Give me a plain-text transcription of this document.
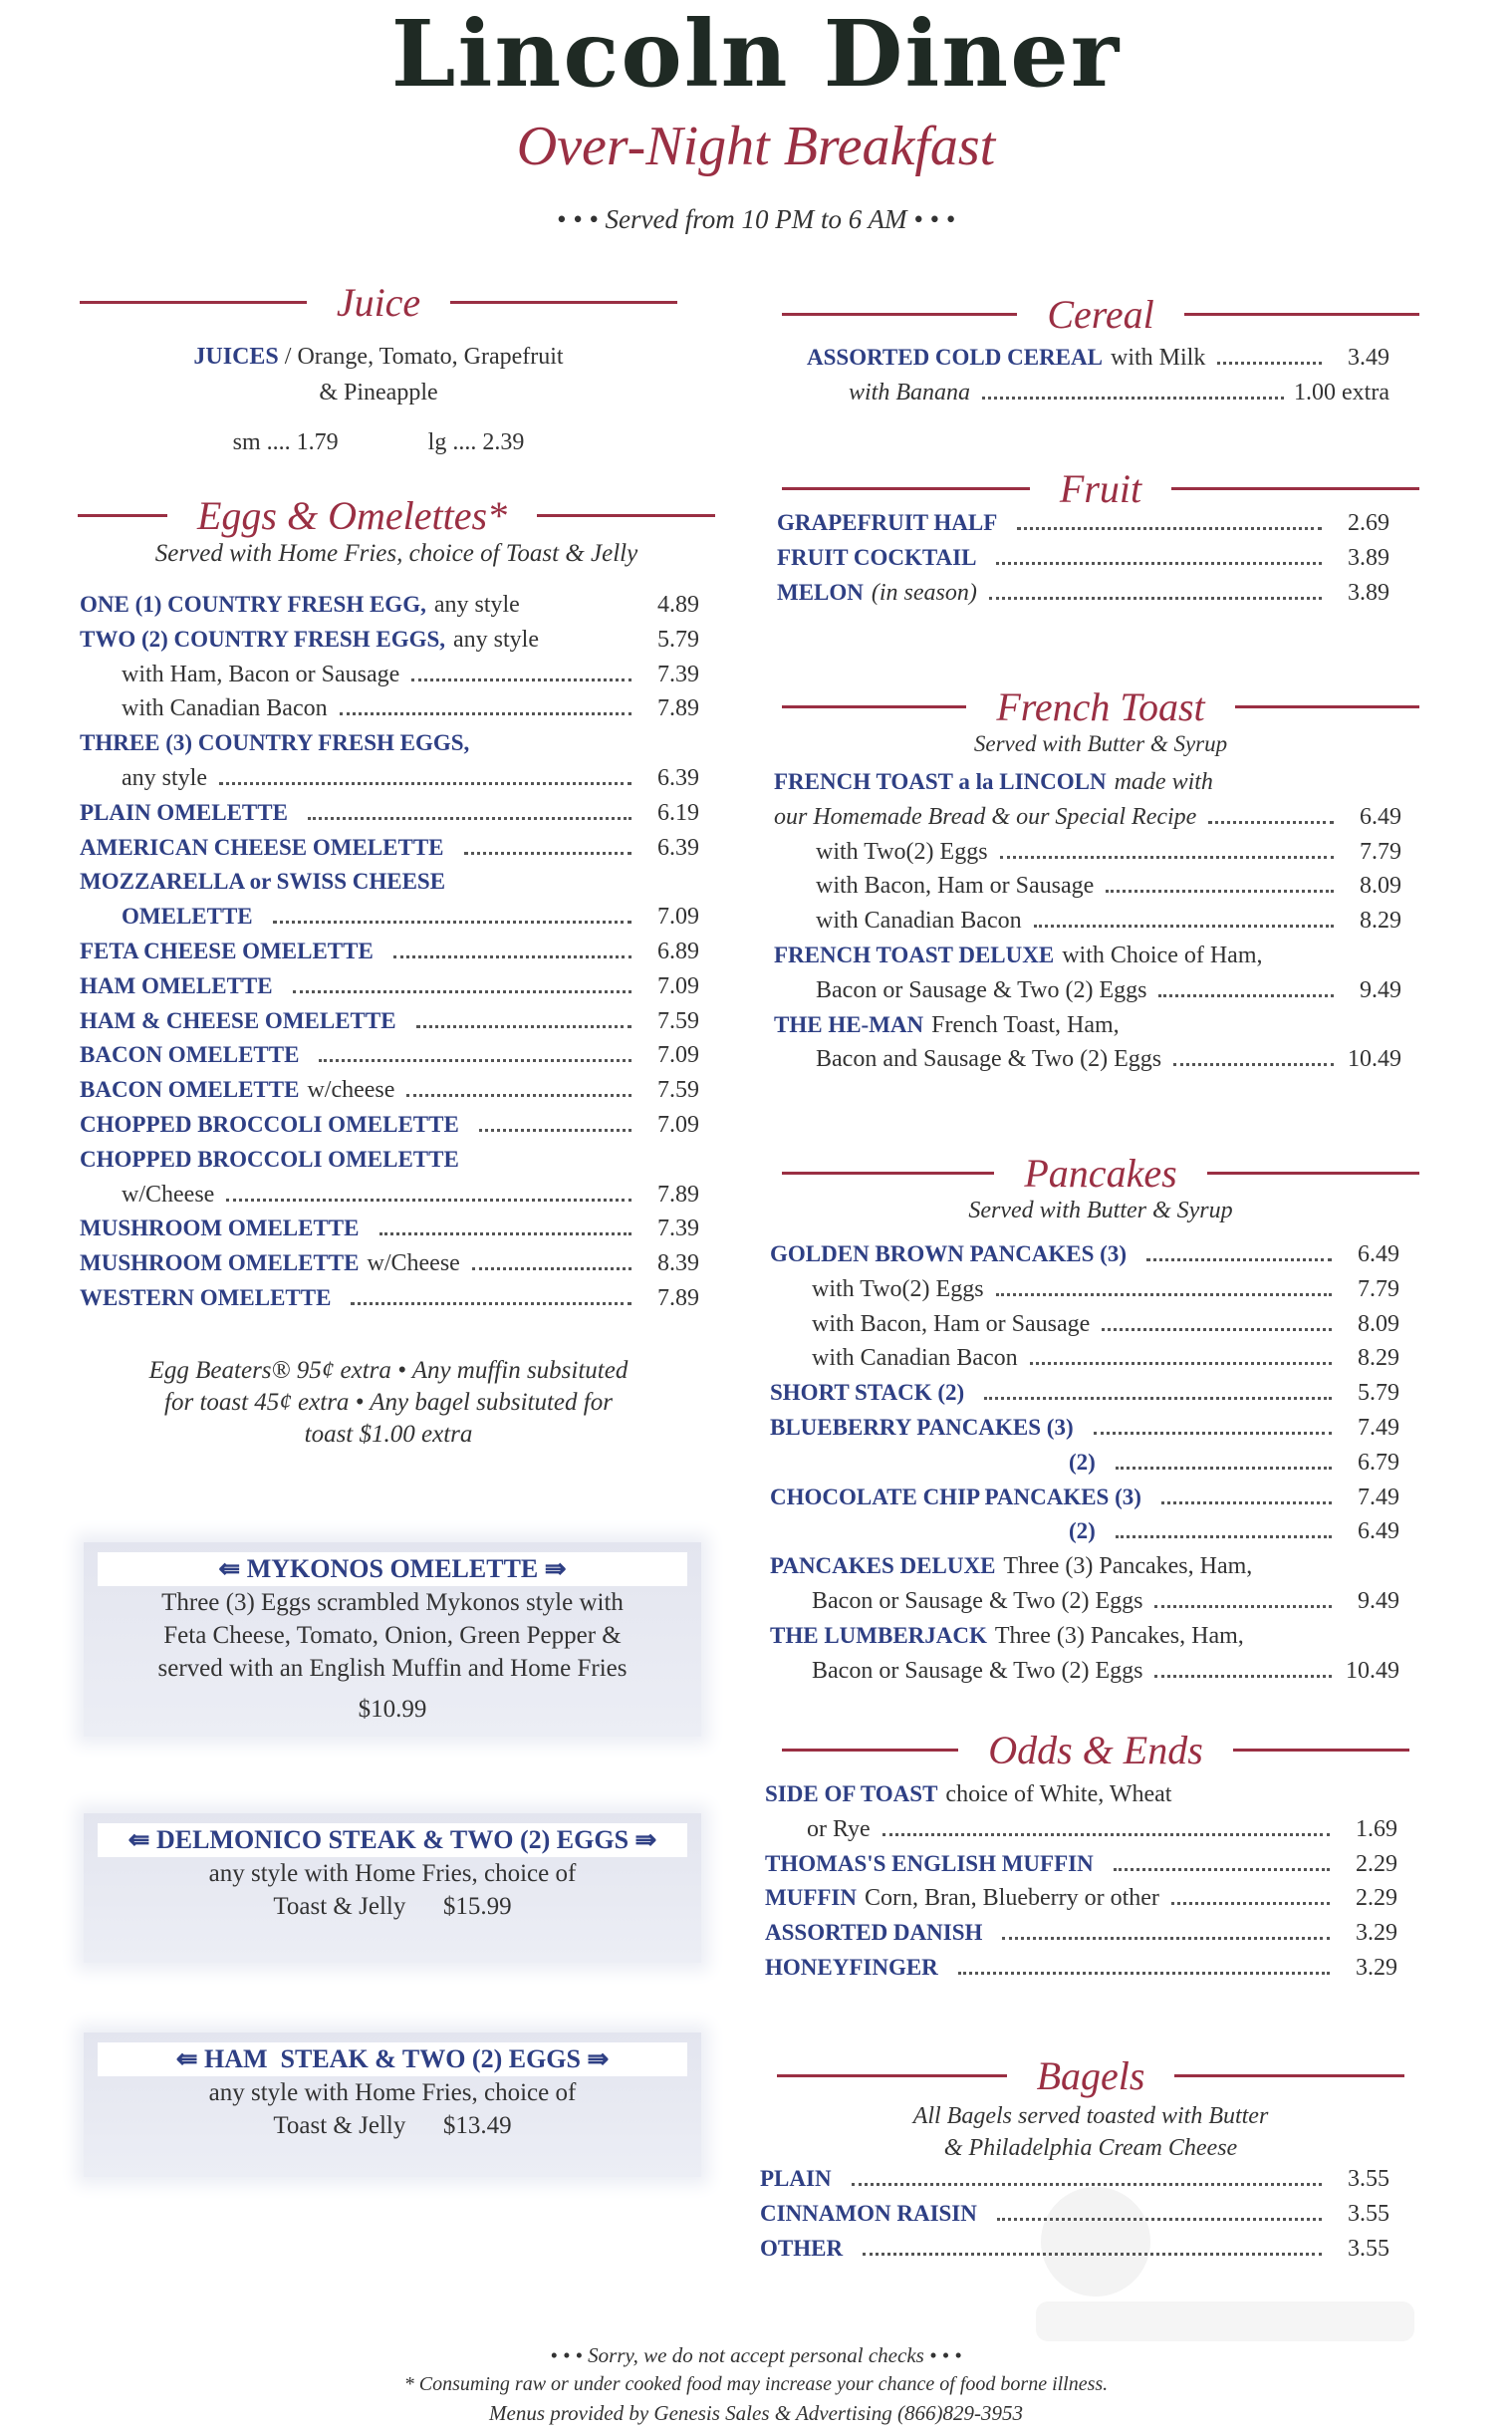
Lincoln Diner
Over-Night Breakfast
• • • Served from 10 PM to 6 AM • • •
Juice
JUICES / Orange, Tomato, Grapefruit
& Pineapple
sm .... 1.79	lg .... 2.39
Eggs & Omelettes*
Served with Home Fries, choice of Toast & Jelly
ONE (1) COUNTRY FRESH EGG, any style	4.89
TWO (2) COUNTRY FRESH EGGS, any style	5.79
with Ham, Bacon or Sausage	7.39
with Canadian Bacon	7.89
THREE (3) COUNTRY FRESH EGGS,
any style	6.39
PLAIN OMELETTE	6.19
AMERICAN CHEESE OMELETTE	6.39
MOZZARELLA or SWISS CHEESE
OMELETTE	7.09
FETA CHEESE OMELETTE	6.89
HAM OMELETTE	7.09
HAM & CHEESE OMELETTE	7.59
BACON OMELETTE	7.09
BACON OMELETTE w/cheese	7.59
CHOPPED BROCCOLI OMELETTE	7.09
CHOPPED BROCCOLI OMELETTE
w/Cheese	7.89
MUSHROOM OMELETTE	7.39
MUSHROOM OMELETTE w/Cheese	8.39
WESTERN OMELETTE	7.89
Egg Beaters® 95¢ extra • Any muffin subsituted
for toast 45¢ extra • Any bagel subsituted for
toast $1.00 extra
⇚ MYKONOS OMELETTE ⇛
Three (3) Eggs scrambled Mykonos style with
Feta Cheese, Tomato, Onion, Green Pepper &
served with an English Muffin and Home Fries
$10.99
⇚ DELMONICO STEAK & TWO (2) EGGS ⇛
any style with Home Fries, choice of
Toast & Jelly      $15.99
⇚ HAM  STEAK & TWO (2) EGGS ⇛
any style with Home Fries, choice of
Toast & Jelly      $13.49
Cereal
ASSORTED COLD CEREAL with Milk	3.49
with Banana	1.00 extra
Fruit
GRAPEFRUIT HALF	2.69
FRUIT COCKTAIL	3.89
MELON (in season)	3.89
French Toast
Served with Butter & Syrup
FRENCH TOAST a la LINCOLN made with
our Homemade Bread & our Special Recipe	6.49
with Two(2) Eggs	7.79
with Bacon, Ham or Sausage	8.09
with Canadian Bacon	8.29
FRENCH TOAST DELUXE with Choice of Ham,
Bacon or Sausage & Two (2) Eggs	9.49
THE HE-MAN French Toast, Ham,
Bacon and Sausage & Two (2) Eggs	10.49
Pancakes
Served with Butter & Syrup
GOLDEN BROWN PANCAKES (3)	6.49
with Two(2) Eggs	7.79
with Bacon, Ham or Sausage	8.09
with Canadian Bacon	8.29
SHORT STACK (2)	5.79
BLUEBERRY PANCAKES (3)	7.49
(2)	6.79
CHOCOLATE CHIP PANCAKES (3)	7.49
(2)	6.49
PANCAKES DELUXE Three (3) Pancakes, Ham,
Bacon or Sausage & Two (2) Eggs	9.49
THE LUMBERJACK Three (3) Pancakes, Ham,
Bacon or Sausage & Two (2) Eggs	10.49
Odds & Ends
SIDE OF TOAST choice of White, Wheat
or Rye	1.69
THOMAS'S ENGLISH MUFFIN	2.29
MUFFIN Corn, Bran, Blueberry or other	2.29
ASSORTED DANISH	3.29
HONEYFINGER	3.29
Bagels
All Bagels served toasted with Butter
& Philadelphia Cream Cheese
PLAIN	3.55
CINNAMON RAISIN	3.55
OTHER	3.55
• • • Sorry, we do not accept personal checks • • •
* Consuming raw or under cooked food may increase your chance of food borne illness.
Menus provided by Genesis Sales & Advertising (866)829-3953
